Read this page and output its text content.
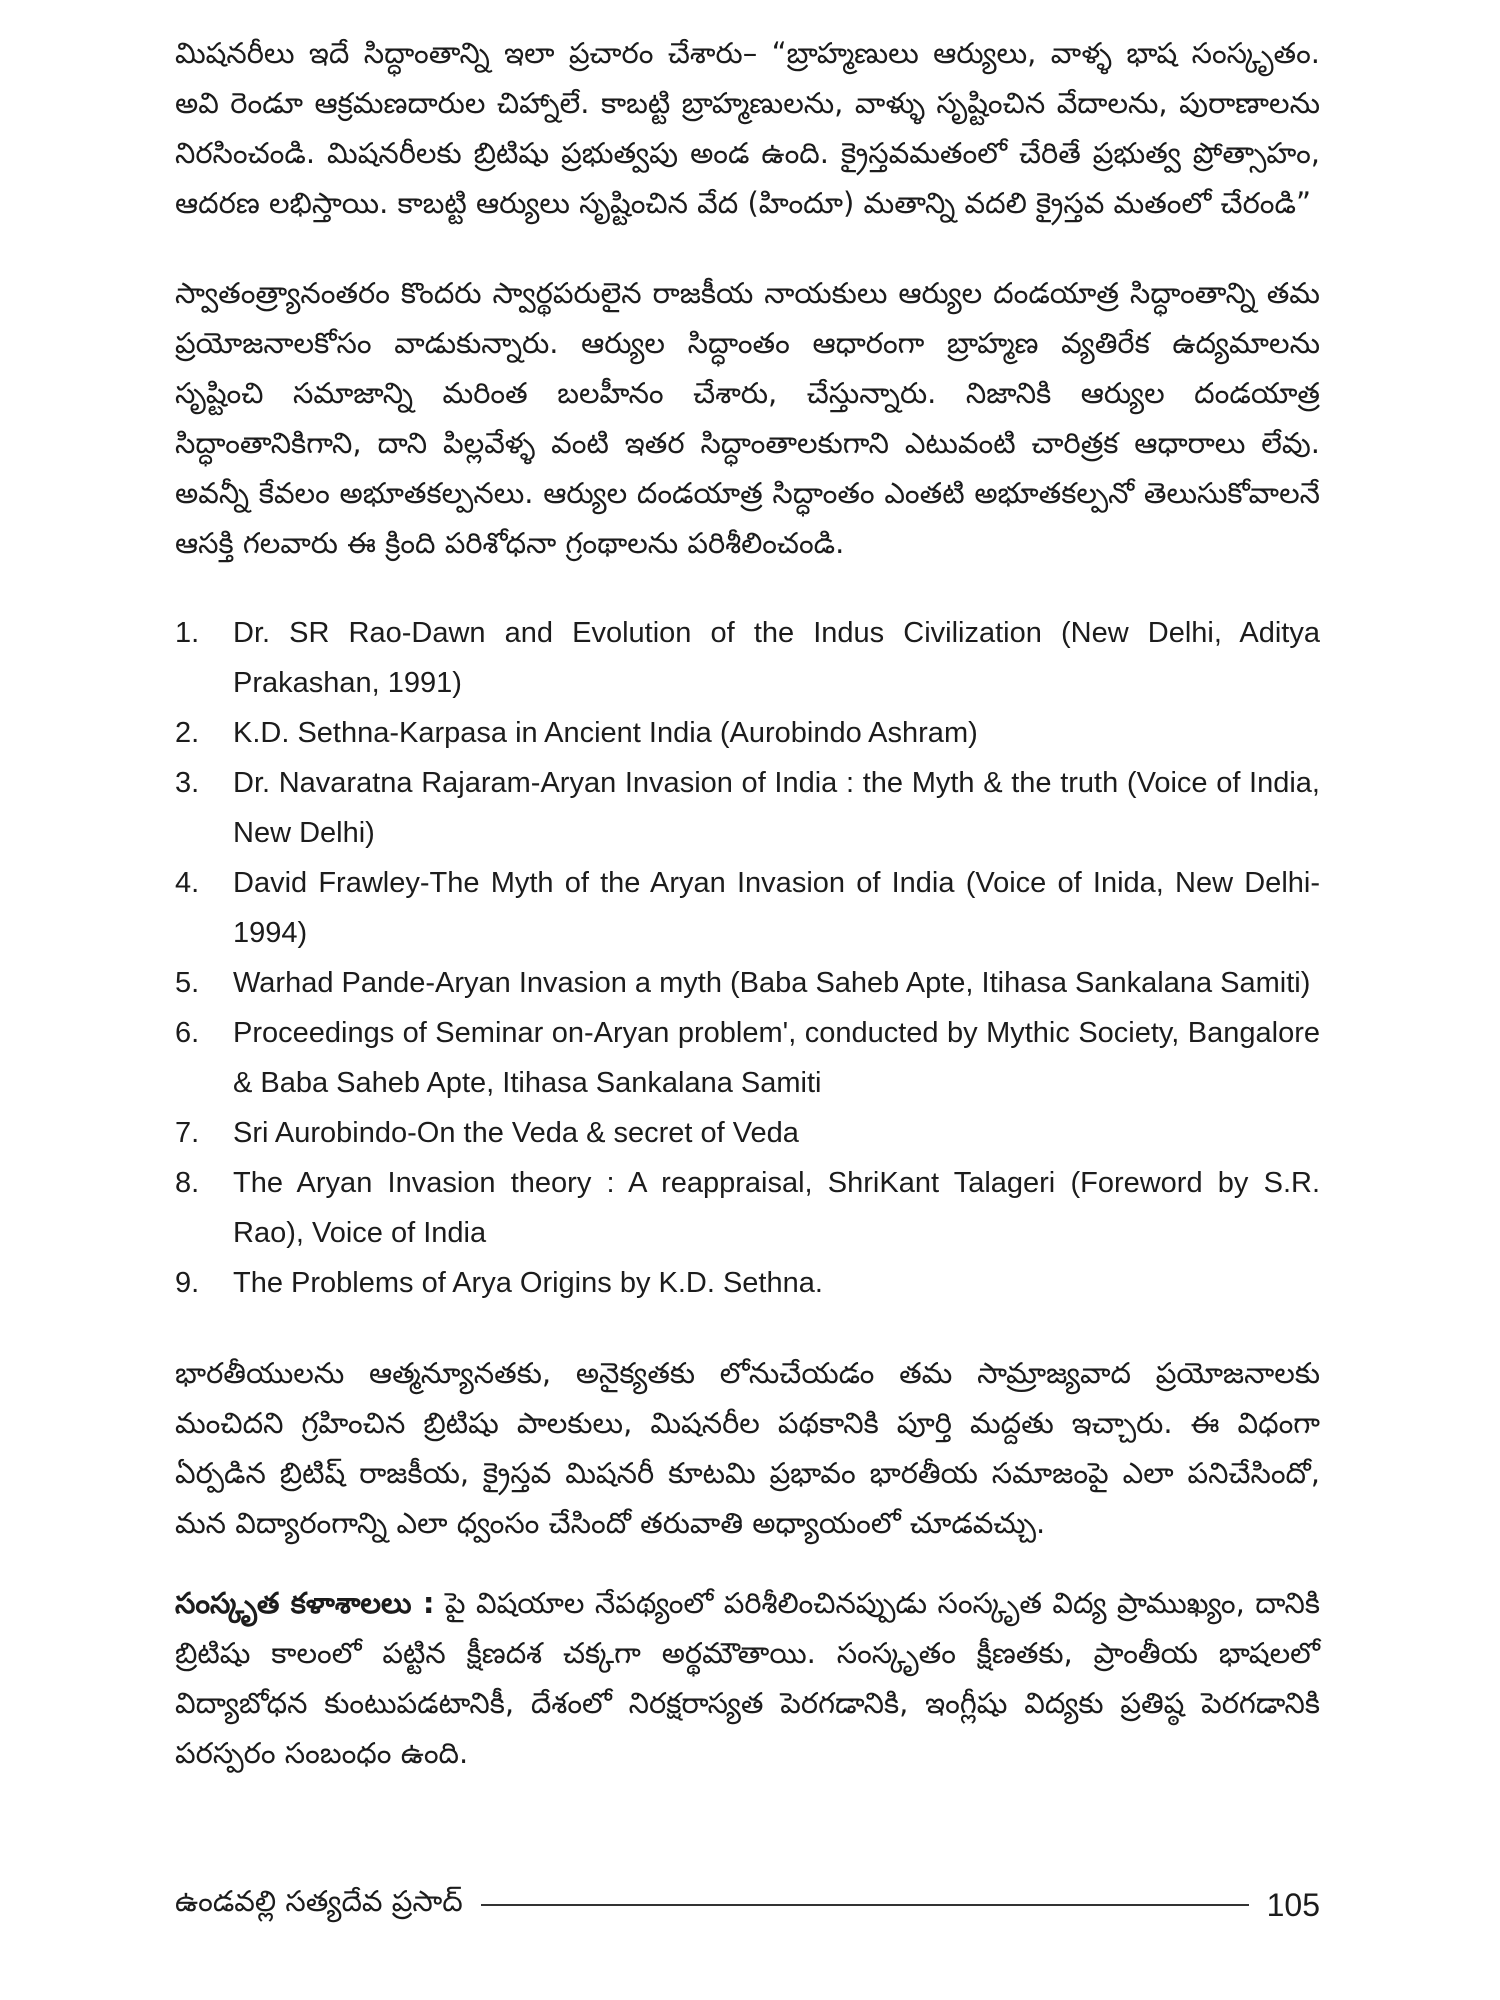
మిషనరీలు ఇదే సిద్ధాంతాన్ని ఇలా ప్రచారం చేశారు– “బ్రాహ్మణులు ఆర్యులు, వాళ్ళ భాష సంస్కృతం. అవి రెండూ ఆక్రమణదారుల చిహ్నాలే. కాబట్టి బ్రాహ్మణులను, వాళ్ళు సృష్టించిన వేదాలను, పురాణాలను నిరసించండి. మిషనరీలకు బ్రిటిషు ప్రభుత్వపు అండ ఉంది. క్రైస్తవమతంలో చేరితే ప్రభుత్వ ప్రోత్సాహం, ఆదరణ లభిస్తాయి. కాబట్టి ఆర్యులు సృష్టించిన వేద (హిందూ) మతాన్ని వదలి క్రైస్తవ మతంలో చేరండి”

స్వాతంత్ర్యానంతరం కొందరు స్వార్థపరులైన రాజకీయ నాయకులు ఆర్యుల దండయాత్ర సిద్ధాంతాన్ని తమ ప్రయోజనాలకోసం వాడుకున్నారు. ఆర్యుల సిద్ధాంతం ఆధారంగా బ్రాహ్మణ వ్యతిరేక ఉద్యమాలను సృష్టించి సమాజాన్ని మరింత బలహీనం చేశారు, చేస్తున్నారు. నిజానికి ఆర్యుల దండయాత్ర సిద్ధాంతానికిగాని, దాని పిల్లవేళ్ళ వంటి ఇతర సిద్ధాంతాలకుగాని ఎటువంటి చారిత్రక ఆధారాలు లేవు. అవన్నీ కేవలం అభూతకల్పనలు. ఆర్యుల దండయాత్ర సిద్ధాంతం ఎంతటి అభూతకల్పనో తెలుసుకోవాలనే ఆసక్తి గలవారు ఈ క్రింది పరిశోధనా గ్రంథాలను పరిశీలించండి.

1.	Dr. SR Rao-Dawn and Evolution of the Indus Civilization (New Delhi, Aditya Prakashan, 1991)
2.	K.D. Sethna-Karpasa in Ancient India (Aurobindo Ashram)
3.	Dr. Navaratna Rajaram-Aryan Invasion of India : the Myth & the truth (Voice of India, New Delhi)
4.	David Frawley-The Myth of the Aryan Invasion of India (Voice of Inida, New Delhi-1994)
5.	Warhad Pande-Aryan Invasion a myth (Baba Saheb Apte, Itihasa Sankalana Samiti)
6.	Proceedings of Seminar on-Aryan problem', conducted by Mythic Society, Bangalore & Baba Saheb Apte, Itihasa Sankalana Samiti
7.	Sri Aurobindo-On the Veda & secret of Veda
8.	The Aryan Invasion theory : A reappraisal, ShriKant Talageri (Foreword by S.R. Rao), Voice of India
9.	The Problems of Arya Origins by K.D. Sethna.

భారతీయులను ఆత్మన్యూనతకు, అనైక్యతకు లోనుచేయడం తమ సామ్రాజ్యవాద ప్రయోజనాలకు మంచిదని గ్రహించిన బ్రిటిషు పాలకులు, మిషనరీల పథకానికి పూర్తి మద్దతు ఇచ్చారు. ఈ విధంగా ఏర్పడిన బ్రిటిష్ రాజకీయ, క్రైస్తవ మిషనరీ కూటమి ప్రభావం భారతీయ సమాజంపై ఎలా పనిచేసిందో, మన విద్యారంగాన్ని ఎలా ధ్వంసం చేసిందో తరువాతి అధ్యాయంలో చూడవచ్చు.

సంస్కృత కళాశాలలు : పై విషయాల నేపథ్యంలో పరిశీలించినప్పుడు సంస్కృత విద్య ప్రాముఖ్యం, దానికి బ్రిటిషు కాలంలో పట్టిన క్షీణదశ చక్కగా అర్థమౌతాయి. సంస్కృతం క్షీణతకు, ప్రాంతీయ భాషలలో విద్యాబోధన కుంటుపడటానికీ, దేశంలో నిరక్షరాస్యత పెరగడానికి, ఇంగ్లీషు విద్యకు ప్రతిష్ఠ పెరగడానికి పరస్పరం సంబంధం ఉంది.

ఉండవల్లి సత్యదేవ ప్రసాద్	105
